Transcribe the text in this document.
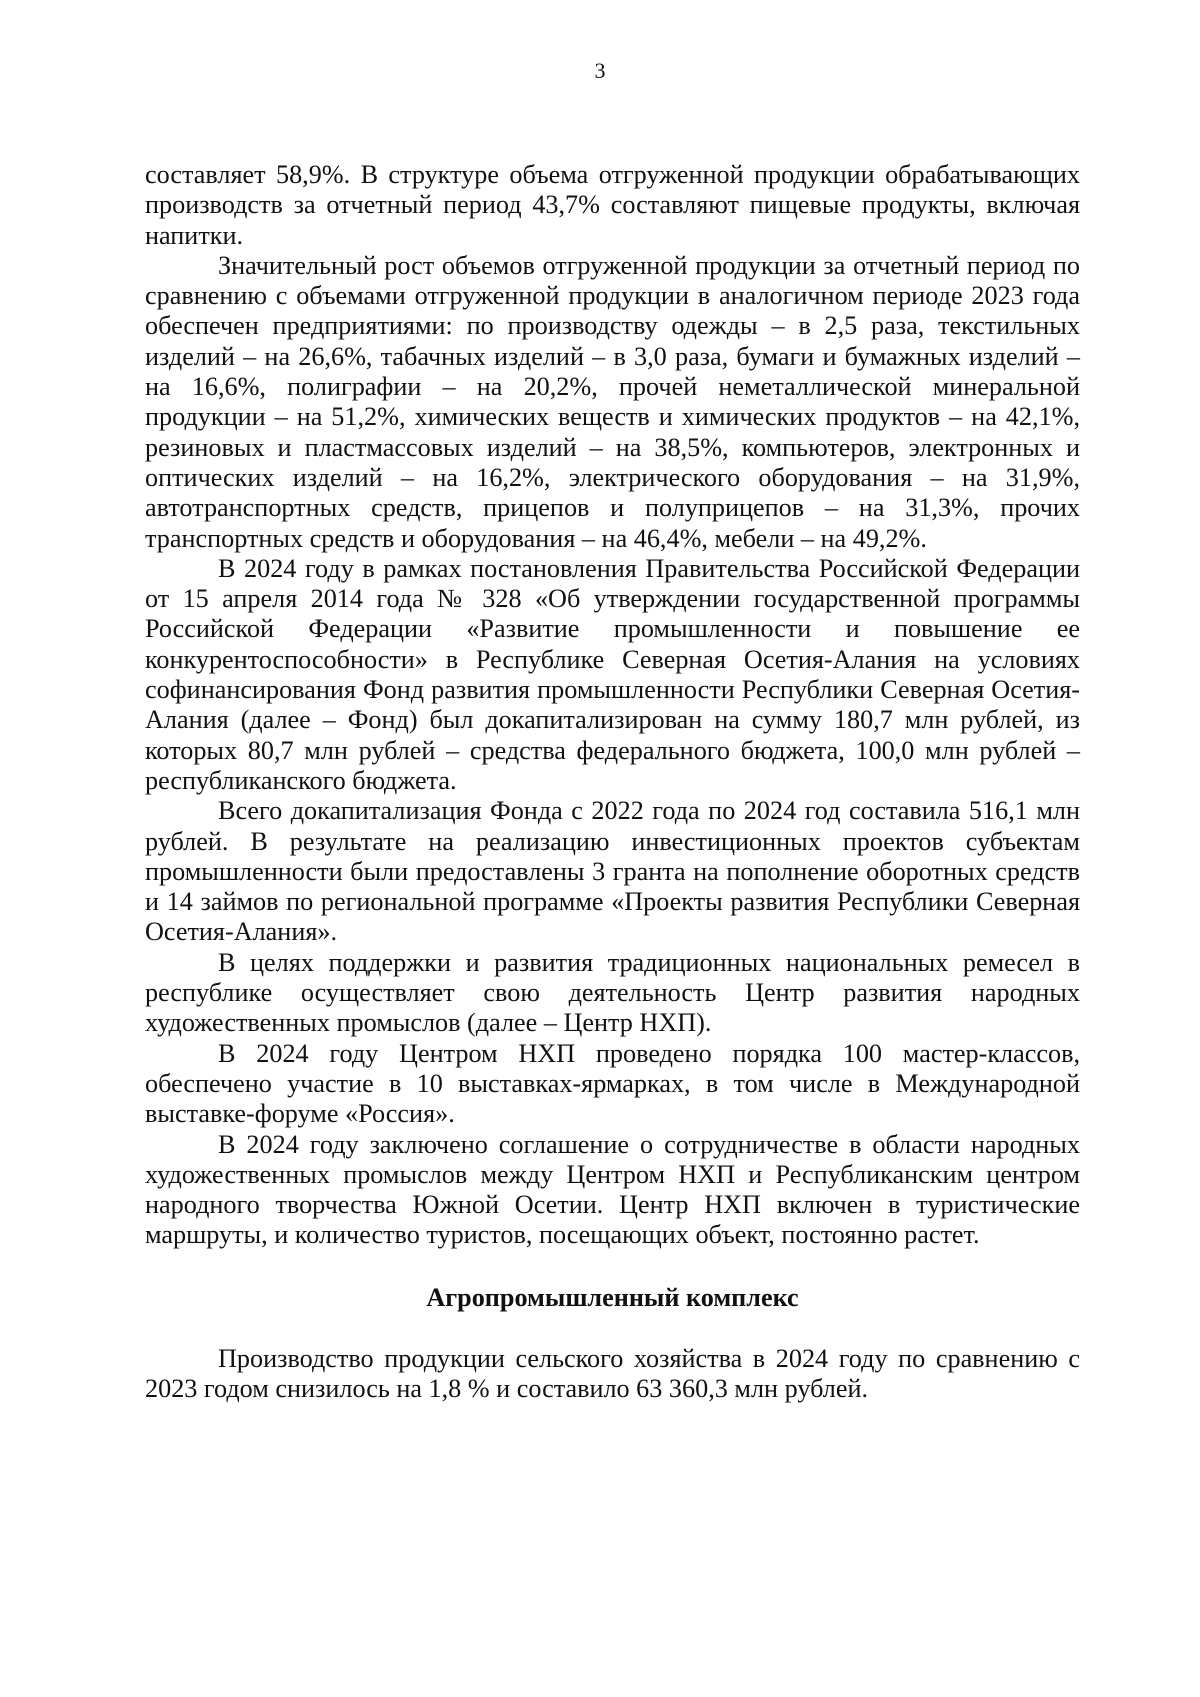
3

составляет 58,9%. В структуре объема отгруженной продукции обрабатывающих производств за отчетный период 43,7% составляют пищевые продукты, включая напитки.

Значительный рост объемов отгруженной продукции за отчетный период по сравнению с объемами отгруженной продукции в аналогичном периоде 2023 года обеспечен предприятиями: по производству одежды – в 2,5 раза, текстильных изделий – на 26,6%, табачных изделий – в 3,0 раза, бумаги и бумажных изделий – на 16,6%, полиграфии – на 20,2%, прочей неметаллической минеральной продукции – на 51,2%, химических веществ и химических продуктов – на 42,1%, резиновых и пластмассовых изделий – на 38,5%, компьютеров, электронных и оптических изделий – на 16,2%, электрического оборудования – на 31,9%, автотранспортных средств, прицепов и полуприцепов – на 31,3%, прочих транспортных средств и оборудования – на 46,4%, мебели – на 49,2%.

В 2024 году в рамках постановления Правительства Российской Федерации от 15 апреля 2014 года № 328 «Об утверждении государственной программы Российской Федерации «Развитие промышленности и повышение ее конкурентоспособности» в Республике Северная Осетия-Алания на условиях софинансирования Фонд развития промышленности Республики Северная Осетия-Алания (далее – Фонд) был докапитализирован на сумму 180,7 млн рублей, из которых 80,7 млн рублей – средства федерального бюджета, 100,0 млн рублей – республиканского бюджета.

Всего докапитализация Фонда с 2022 года по 2024 год составила 516,1 млн рублей. В результате на реализацию инвестиционных проектов субъектам промышленности были предоставлены 3 гранта на пополнение оборотных средств и 14 займов по региональной программе «Проекты развития Республики Северная Осетия-Алания».

В целях поддержки и развития традиционных национальных ремесел в республике осуществляет свою деятельность Центр развития народных художественных промыслов (далее – Центр НХП).

В 2024 году Центром НХП проведено порядка 100 мастер-классов, обеспечено участие в 10 выставках-ярмарках, в том числе в Международной выставке-форуме «Россия».

В 2024 году заключено соглашение о сотрудничестве в области народных художественных промыслов между Центром НХП и Республиканским центром народного творчества Южной Осетии. Центр НХП включен в туристические маршруты, и количество туристов, посещающих объект, постоянно растет.

Агропромышленный комплекс

Производство продукции сельского хозяйства в 2024 году по сравнению с 2023 годом снизилось на 1,8 % и составило 63 360,3 млн рублей.
